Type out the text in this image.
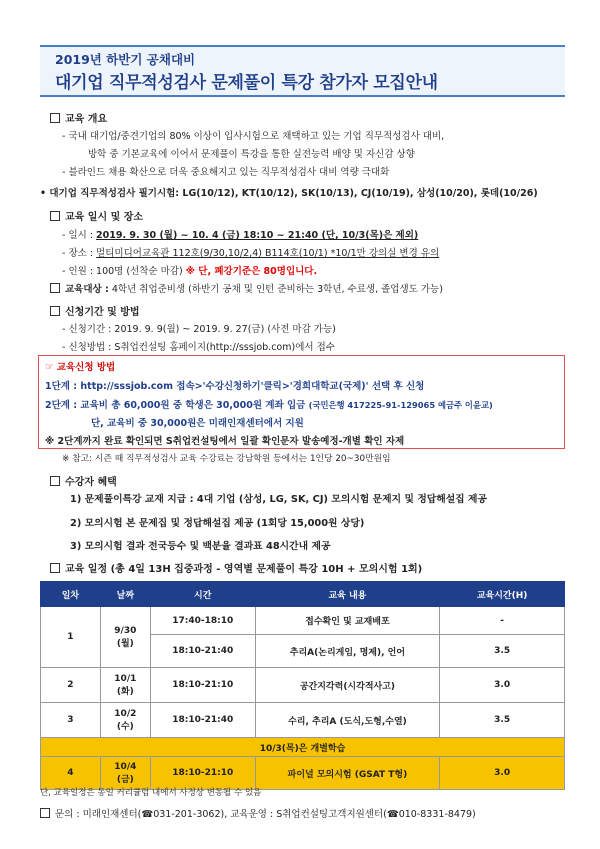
2019년 하반기 공채대비
대기업 직무적성검사 문제풀이 특강 참가자 모집안내
교육 개요
- 국내 대기업/중견기업의 80% 이상이 입사시험으로 채택하고 있는 기업 직무적성검사 대비,
방학 중 기본교육에 이어서 문제풀이 특강을 통한 실전능력 배양 및 자신감 상향
- 블라인드 채용 확산으로 더욱 중요해지고 있는 직무적성검사 대비 역량 극대화
• 대기업 직무적성검사 필기시험: LG(10/12), KT(10/12), SK(10/13), CJ(10/19), 삼성(10/20), 롯데(10/26)
교육 일시 및 장소
- 일시 : 2019. 9. 30 (월) ~ 10. 4 (금) 18:10 ~ 21:40 (단, 10/3(목)은 제외)
- 장소 : 멀티미디어교육관 112호(9/30,10/2,4) B114호(10/1) *10/1만 강의실 변경 유의
- 인원 : 100명 (선착순 마감) ※ 단, 폐강기준은 80명입니다.
교육대상 : 4학년 취업준비생 (하반기 공채 및 인턴 준비하는 3학년, 수료생, 졸업생도 가능)
신청기간 및 방법
- 신청기간 : 2019. 9. 9(월) ~ 2019. 9. 27(금) (사전 마감 가능)
- 신청방법 : S취업컨설팅 홈페이지(http://sssjob.com)에서 접수
☞ 교육신청 방법
1단계 : http://sssjob.com 접속>'수강신청하기'클릭>'경희대학교(국제)' 선택 후 신청
2단계 : 교육비 총 60,000원 중 학생은 30,000원 계좌 입금 (국민은행 417225-91-129065 예금주 이윤교)
단, 교육비 중 30,000원은 미래인재센터에서 지원
※ 2단계까지 완료 확인되면 S취업컨설팅에서 일괄 확인문자 발송예정-개별 확인 자제
※ 참고: 시즌 때 직무적성검사 교육 수강료는 강남학원 등에서는 1인당 20~30만원임
수강자 혜택
1) 문제풀이특강 교재 지급 : 4대 기업 (삼성, LG, SK, CJ) 모의시험 문제지 및 정답해설집 제공
2) 모의시험 본 문제집 및 정답해설집 제공 (1회당 15,000원 상당)
3) 모의시험 결과 전국등수 및 백분율 결과표 48시간내 제공
교육 일정 (총 4일 13H 집중과정 - 영역별 문제풀이 특강 10H + 모의시험 1회)
일차	날짜	시간	교육 내용	교육시간(H)
1	9/30
(월)	17:40-18:10	접수확인 및 교재배포	-
		18:10-21:40	추리A(논리게임, 명제), 언어	3.5
2	10/1
(화)	18:10-21:10	공간지각력(시각적사고)	3.0
3	10/2
(수)	18:10-21:40	수리, 추리A (도식,도형,수열)	3.5
10/3(목)은 개별학습				
4	10/4
(금)	18:10-21:10	파이널 모의시험 (GSAT T형)	3.0
단, 교육일정은 동일 커리큘럼 내에서 사정상 변동될 수 있음
문의 : 미래인재센터(☎031-201-3062), 교육운영 : S취업컨설팅고객지원센터(☎010-8331-8479)
